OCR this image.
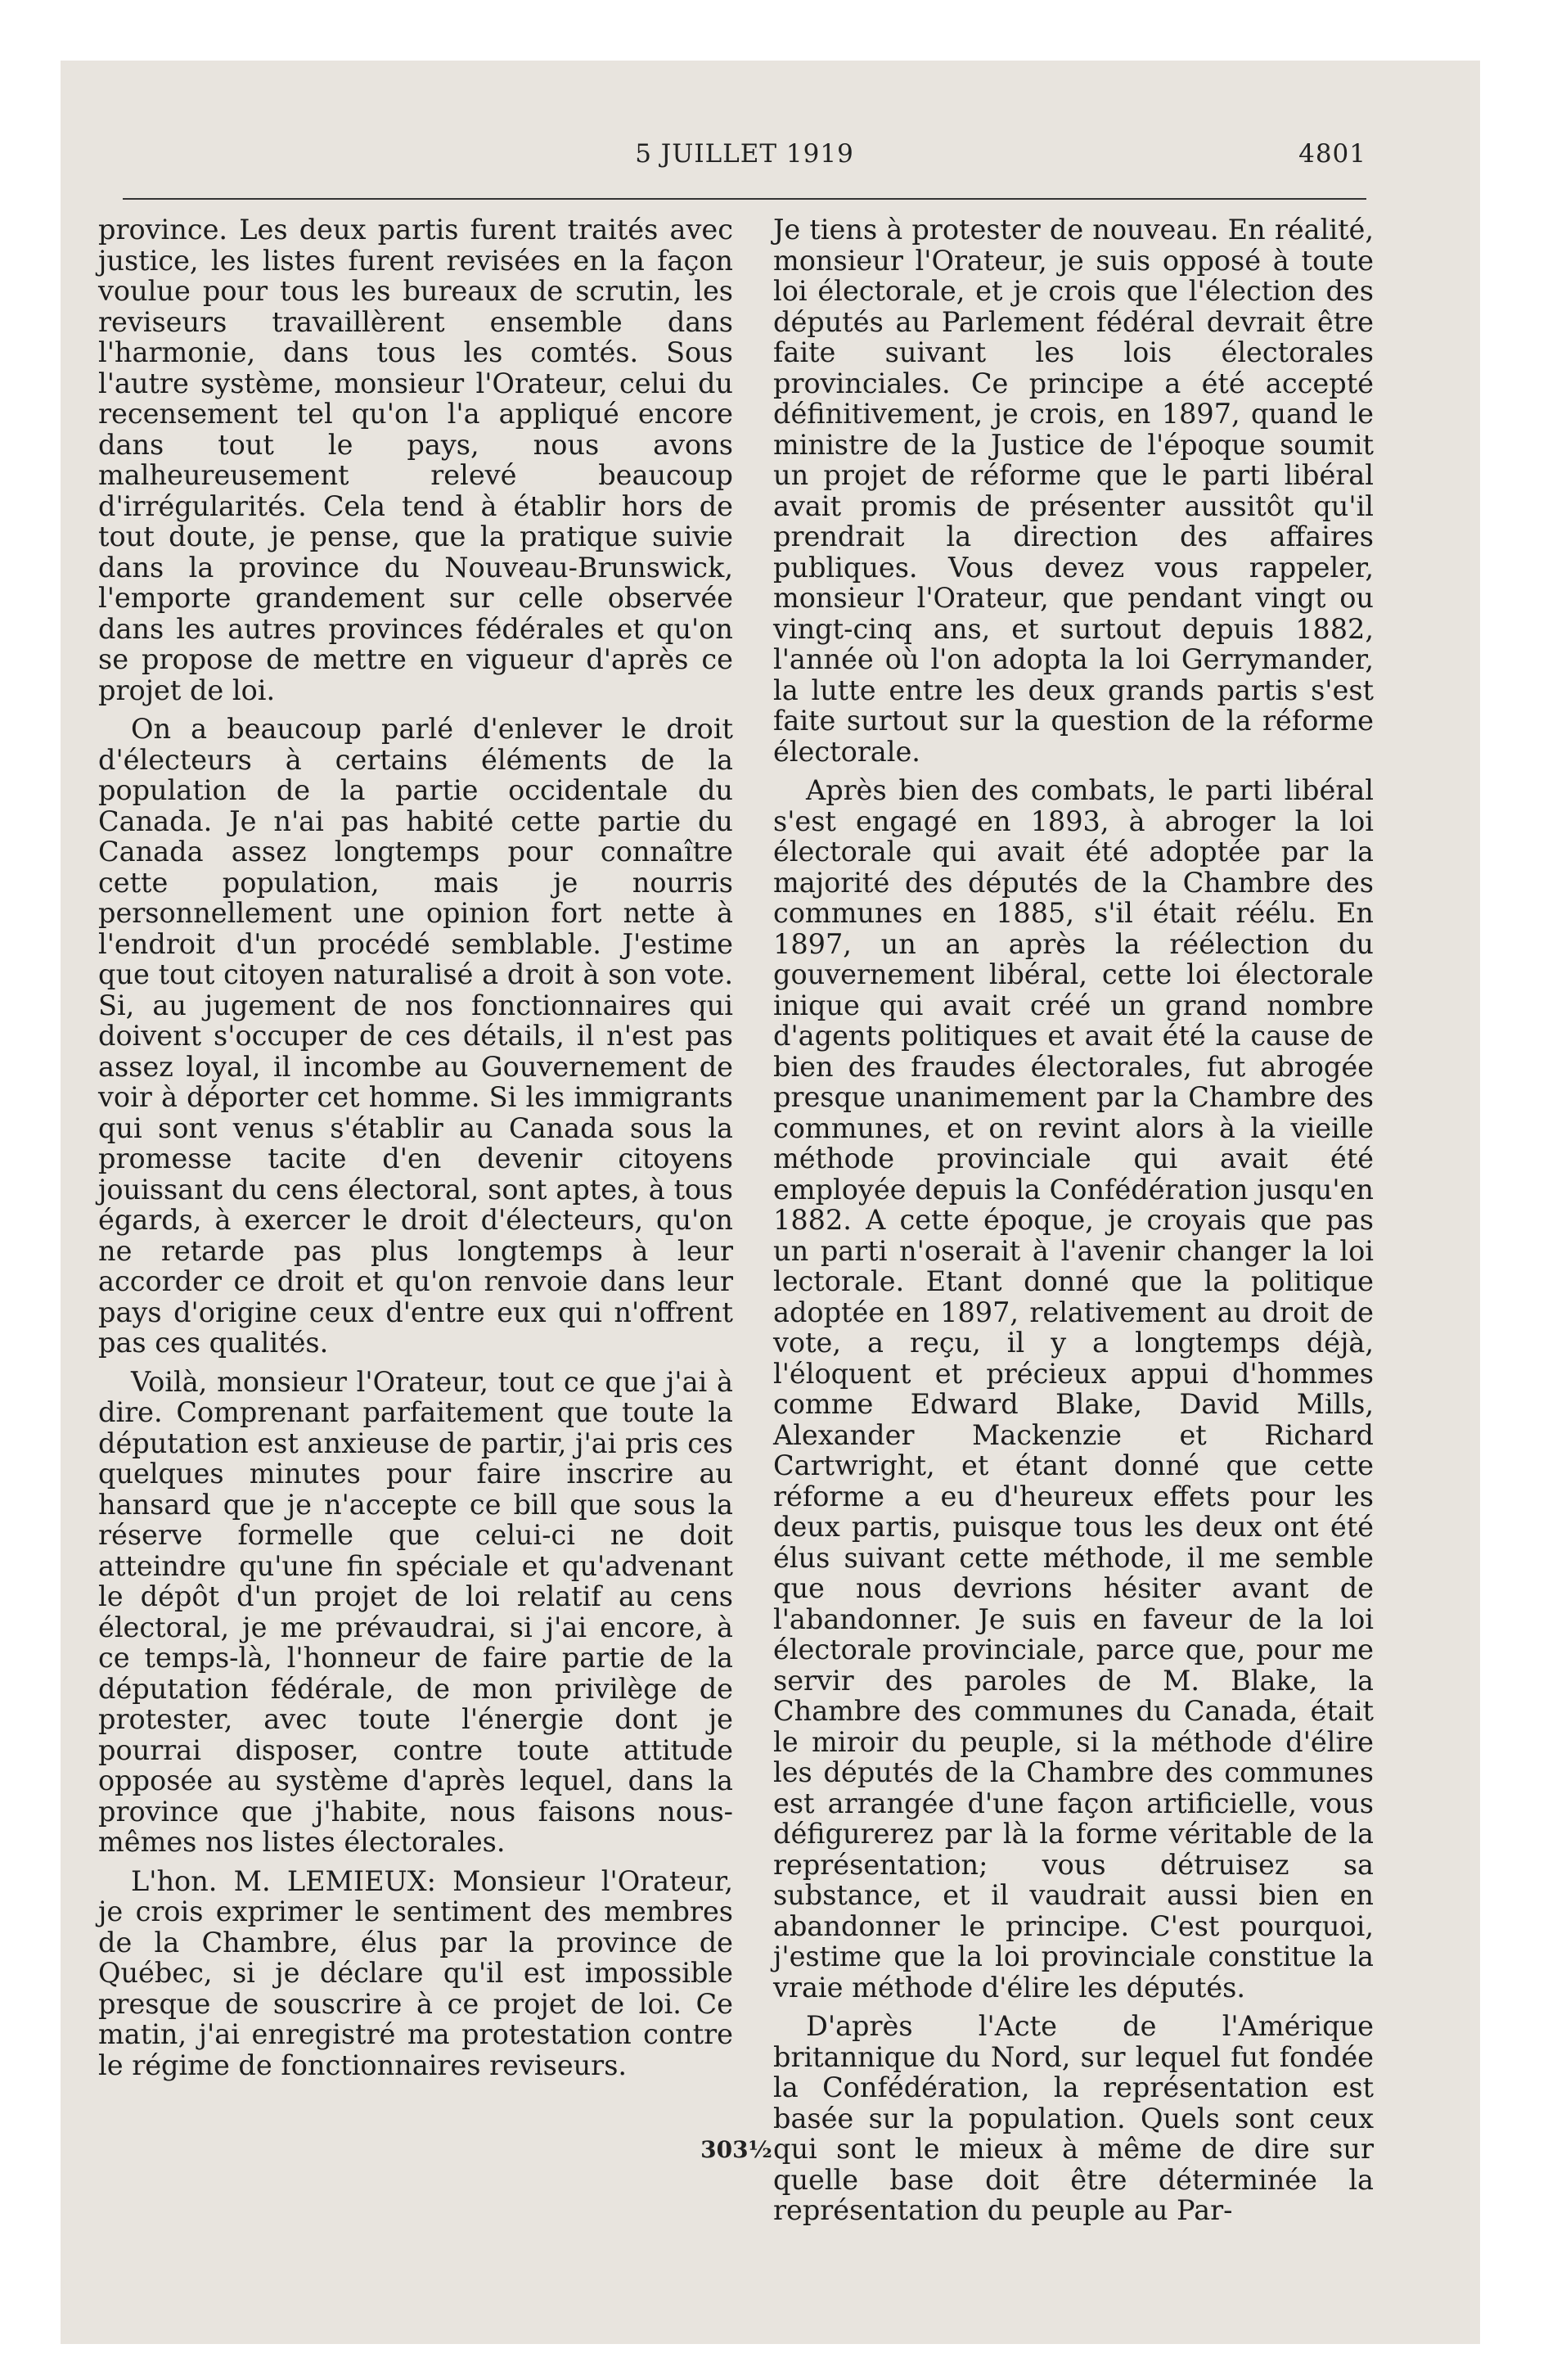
5 JUILLET 1919	4801

province. Les deux partis furent traités avec justice, les listes furent revisées en la façon voulue pour tous les bureaux de scrutin, les reviseurs travaillèrent ensemble dans l'harmonie, dans tous les comtés. Sous l'autre système, monsieur l'Orateur, celui du recensement tel qu'on l'a appliqué encore dans tout le pays, nous avons malheureusement relevé beaucoup d'irrégularités. Cela tend à établir hors de tout doute, je pense, que la pratique suivie dans la province du Nouveau-Brunswick, l'emporte grandement sur celle observée dans les autres provinces fédérales et qu'on se propose de mettre en vigueur d'après ce projet de loi.

On a beaucoup parlé d'enlever le droit d'électeurs à certains éléments de la population de la partie occidentale du Canada. Je n'ai pas habité cette partie du Canada assez longtemps pour connaître cette population, mais je nourris personnellement une opinion fort nette à l'endroit d'un procédé semblable. J'estime que tout citoyen naturalisé a droit à son vote. Si, au jugement de nos fonctionnaires qui doivent s'occuper de ces détails, il n'est pas assez loyal, il incombe au Gouvernement de voir à déporter cet homme. Si les immigrants qui sont venus s'établir au Canada sous la promesse tacite d'en devenir citoyens jouissant du cens électoral, sont aptes, à tous égards, à exercer le droit d'électeurs, qu'on ne retarde pas plus longtemps à leur accorder ce droit et qu'on renvoie dans leur pays d'origine ceux d'entre eux qui n'offrent pas ces qualités.

Voilà, monsieur l'Orateur, tout ce que j'ai à dire. Comprenant parfaitement que toute la députation est anxieuse de partir, j'ai pris ces quelques minutes pour faire inscrire au hansard que je n'accepte ce bill que sous la réserve formelle que celui-ci ne doit atteindre qu'une fin spéciale et qu'advenant le dépôt d'un projet de loi relatif au cens électoral, je me prévaudrai, si j'ai encore, à ce temps-là, l'honneur de faire partie de la députation fédérale, de mon privilège de protester, avec toute l'énergie dont je pourrai disposer, contre toute attitude opposée au système d'après lequel, dans la province que j'habite, nous faisons nous-mêmes nos listes électorales.

L'hon. M. LEMIEUX: Monsieur l'Orateur, je crois exprimer le sentiment des membres de la Chambre, élus par la province de Québec, si je déclare qu'il est impossible presque de souscrire à ce projet de loi. Ce matin, j'ai enregistré ma protestation contre le régime de fonctionnaires reviseurs.

Je tiens à protester de nouveau. En réalité, monsieur l'Orateur, je suis opposé à toute loi électorale, et je crois que l'élection des députés au Parlement fédéral devrait être faite suivant les lois électorales provinciales. Ce principe a été accepté définitivement, je crois, en 1897, quand le ministre de la Justice de l'époque soumit un projet de réforme que le parti libéral avait promis de présenter aussitôt qu'il prendrait la direction des affaires publiques. Vous devez vous rappeler, monsieur l'Orateur, que pendant vingt ou vingt-cinq ans, et surtout depuis 1882, l'année où l'on adopta la loi Gerrymander, la lutte entre les deux grands partis s'est faite surtout sur la question de la réforme électorale.

Après bien des combats, le parti libéral s'est engagé en 1893, à abroger la loi électorale qui avait été adoptée par la majorité des députés de la Chambre des communes en 1885, s'il était réélu. En 1897, un an après la réélection du gouvernement libéral, cette loi électorale inique qui avait créé un grand nombre d'agents politiques et avait été la cause de bien des fraudes électorales, fut abrogée presque unanimement par la Chambre des communes, et on revint alors à la vieille méthode provinciale qui avait été employée depuis la Confédération jusqu'en 1882. A cette époque, je croyais que pas un parti n'oserait à l'avenir changer la loi lectorale. Etant donné que la politique adoptée en 1897, relativement au droit de vote, a reçu, il y a longtemps déjà, l'éloquent et précieux appui d'hommes comme Edward Blake, David Mills, Alexander Mackenzie et Richard Cartwright, et étant donné que cette réforme a eu d'heureux effets pour les deux partis, puisque tous les deux ont été élus suivant cette méthode, il me semble que nous devrions hésiter avant de l'abandonner. Je suis en faveur de la loi électorale provinciale, parce que, pour me servir des paroles de M. Blake, la Chambre des communes du Canada, était le miroir du peuple, si la méthode d'élire les députés de la Chambre des communes est arrangée d'une façon artificielle, vous défigurerez par là la forme véritable de la représentation; vous détruisez sa substance, et il vaudrait aussi bien en abandonner le principe. C'est pourquoi, j'estime que la loi provinciale constitue la vraie méthode d'élire les députés.

D'après l'Acte de l'Amérique britannique du Nord, sur lequel fut fondée la Confédération, la représentation est basée sur la population. Quels sont ceux qui sont le mieux à même de dire sur quelle base doit être déterminée la représentation du peuple au Par-

303½
